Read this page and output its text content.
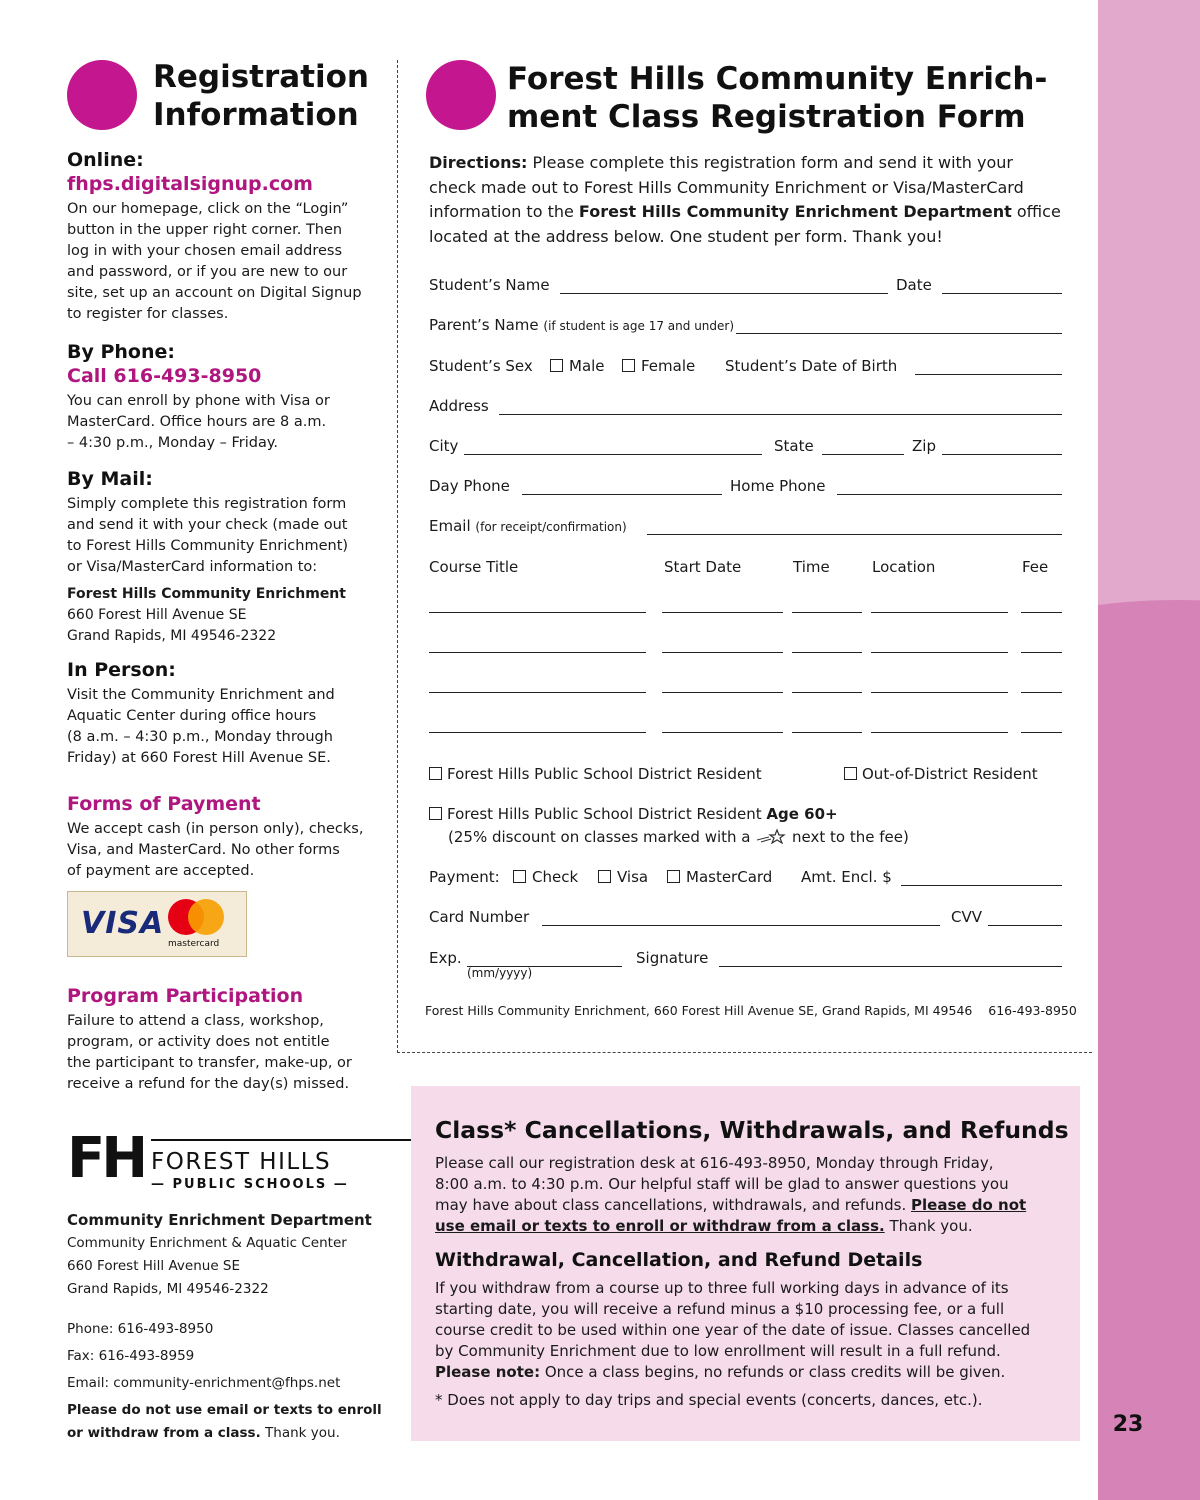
23
Registration
Information
Online:
fhps.digitalsignup.com
On our homepage, click on the “Login”
button in the upper right corner. Then
log in with your chosen email address
and password, or if you are new to our
site, set up an account on Digital Signup
to register for classes.
By Phone:
Call 616-493-8950
You can enroll by phone with Visa or
MasterCard. Office hours are 8 a.m.
– 4:30 p.m., Monday – Friday.
By Mail:
Simply complete this registration form
and send it with your check (made out
to Forest Hills Community Enrichment)
or Visa/MasterCard information to:
Forest Hills Community Enrichment
660 Forest Hill Avenue SE
Grand Rapids, MI 49546-2322
In Person:
Visit the Community Enrichment and
Aquatic Center during office hours
(8 a.m. – 4:30 p.m., Monday through
Friday) at 660 Forest Hill Avenue SE.
Forms of Payment
We accept cash (in person only), checks,
Visa, and MasterCard. No other forms
of payment are accepted.
VISA
mastercard
Program Participation
Failure to attend a class, workshop,
program, or activity does not entitle
the participant to transfer, make-up, or
receive a refund for the day(s) missed.
FH FOREST HILLS
— PUBLIC SCHOOLS —
Community Enrichment Department
Community Enrichment & Aquatic Center
660 Forest Hill Avenue SE
Grand Rapids, MI 49546-2322
Phone: 616-493-8950
Fax: 616-493-8959
Email: community-enrichment@fhps.net
Please do not use email or texts to enroll
or withdraw from a class. Thank you.
Forest Hills Community Enrich-
ment Class Registration Form
Directions: Please complete this registration form and send it with your
check made out to Forest Hills Community Enrichment or Visa/MasterCard
information to the Forest Hills Community Enrichment Department office
located at the address below. One student per form. Thank you!
Student’s Name	Date
Parent’s Name (if student is age 17 and under)
Student’s Sex	Male	Female Student’s Date of Birth
Address
City	State	Zip
Day Phone	Home Phone
Email (for receipt/confirmation)
Course Title	Start Date	Time	Location	Fee
Forest Hills Public School District Resident	Out-of-District Resident
Forest Hills Public School District Resident Age 60+
(25% discount on classes marked with a  next to the fee)
Payment:	Check	Visa	MasterCard Amt. Encl. $
Card Number	CVV
Exp.
(mm/yyyy)
Signature
Forest Hills Community Enrichment, 660 Forest Hill Avenue SE, Grand Rapids, MI 49546    616-493-8950
Class* Cancellations, Withdrawals, and Refunds
Please call our registration desk at 616-493-8950, Monday through Friday,
8:00 a.m. to 4:30 p.m. Our helpful staff will be glad to answer questions you
may have about class cancellations, withdrawals, and refunds. Please do not
use email or texts to enroll or withdraw from a class. Thank you.
Withdrawal, Cancellation, and Refund Details
If you withdraw from a course up to three full working days in advance of its
starting date, you will receive a refund minus a $10 processing fee, or a full
course credit to be used within one year of the date of issue. Classes cancelled
by Community Enrichment due to low enrollment will result in a full refund.
Please note: Once a class begins, no refunds or class credits will be given.
* Does not apply to day trips and special events (concerts, dances, etc.).
